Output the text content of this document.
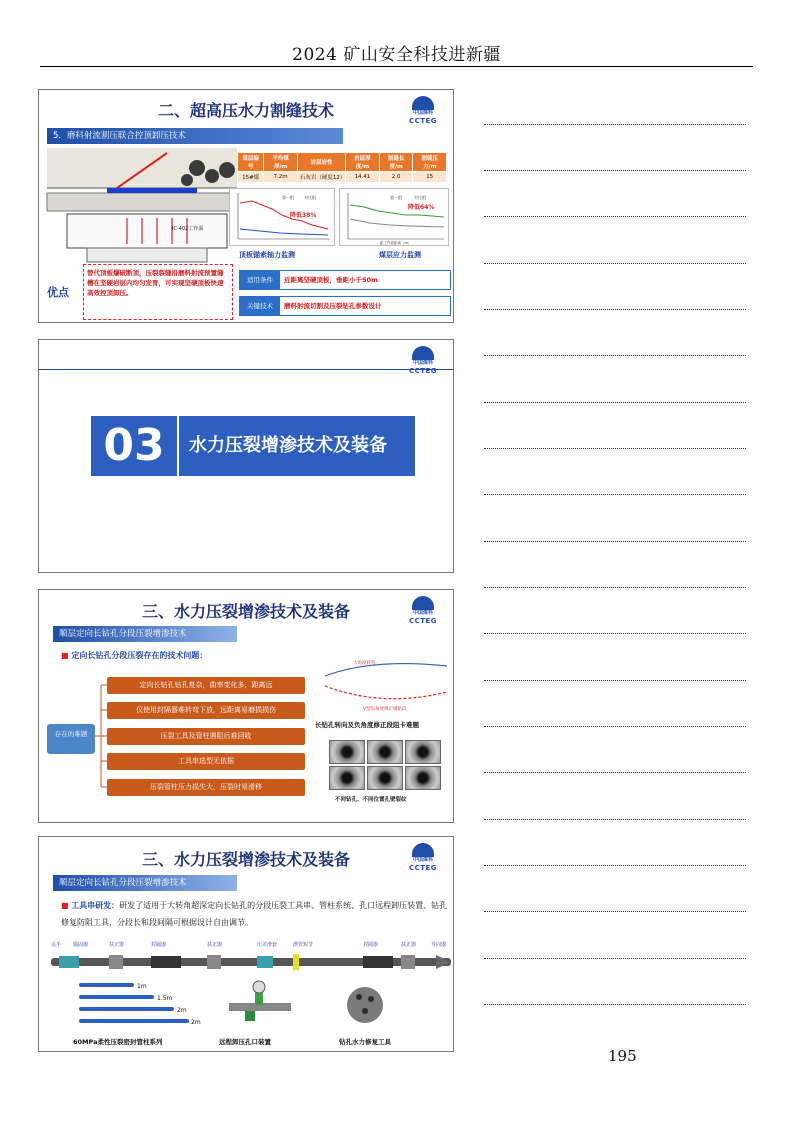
2024 矿山安全科技进新疆
二、超高压水力割缝技术	中国煤科
CCTEG
5．磨料射流割压联合控顶卸压技术
IC-402工作面
煤层编号	平均煤厚/m	岩层岩性	岩层厚度/m	割缝长度/m	割缝压力/m
15#煤	7.2m	石灰岩（硬度12）	14.41	2.0	15
降低38%
第一组	对比组
顶板锚索轴力监测
降低64%
第一组	对比组
距工作面距离（m）
煤层应力监测
优点
替代顶板爆破断顶，压裂裂缝沿磨料射流预置缝槽在坚硬岩层内均匀发育，可实现坚硬顶板快速高效控顶卸压。
适用条件	近距离坚硬顶板，垂距小于50m
关键技术	磨料射流切割及压裂钻孔参数设计
中国煤科
CCTEG
03	水力压裂增渗技术及装备
三、水力压裂增渗技术及装备	中国煤科
CCTEG
顺层定向长钻孔分段压裂增渗技术
■ 定向长钻孔分段压裂存在的技术问题：
存在的难题
定向长钻孔钻孔复杂，曲率变化多，距离远
仅使用封隔器难转弯下放，远距离易磨损损伤
压裂工具及管柱遇阻后难回收
工具串选型无依据
压裂管柱压力损失大，压裂时易滑移
大角度转弯
V型负角度修正缓钻段
长钻孔转向及负角度修正段阻卡难题
不同钻孔、不同位置孔壁裂纹
三、水力压裂增渗技术及装备	中国煤科
CCTEG
顺层定向长钻孔分段压裂增渗技术
■ 工具串研发：研发了适用于大转角超深定向长钻孔的分段压裂工具串、管柱系统、孔口远程卸压装置、钻孔修复防阻工具，分段长和段间隔可根据设计自由调节。
丢手 锚固器	扶正器	封隔器	扶正器	压差滑套	泄管短节	封隔器	扶正器	导向器
1m
1.5m
2m
2m
60MPa柔性压裂密封管柱系列	远程卸压孔口装置	钻孔水力修复工具
195
